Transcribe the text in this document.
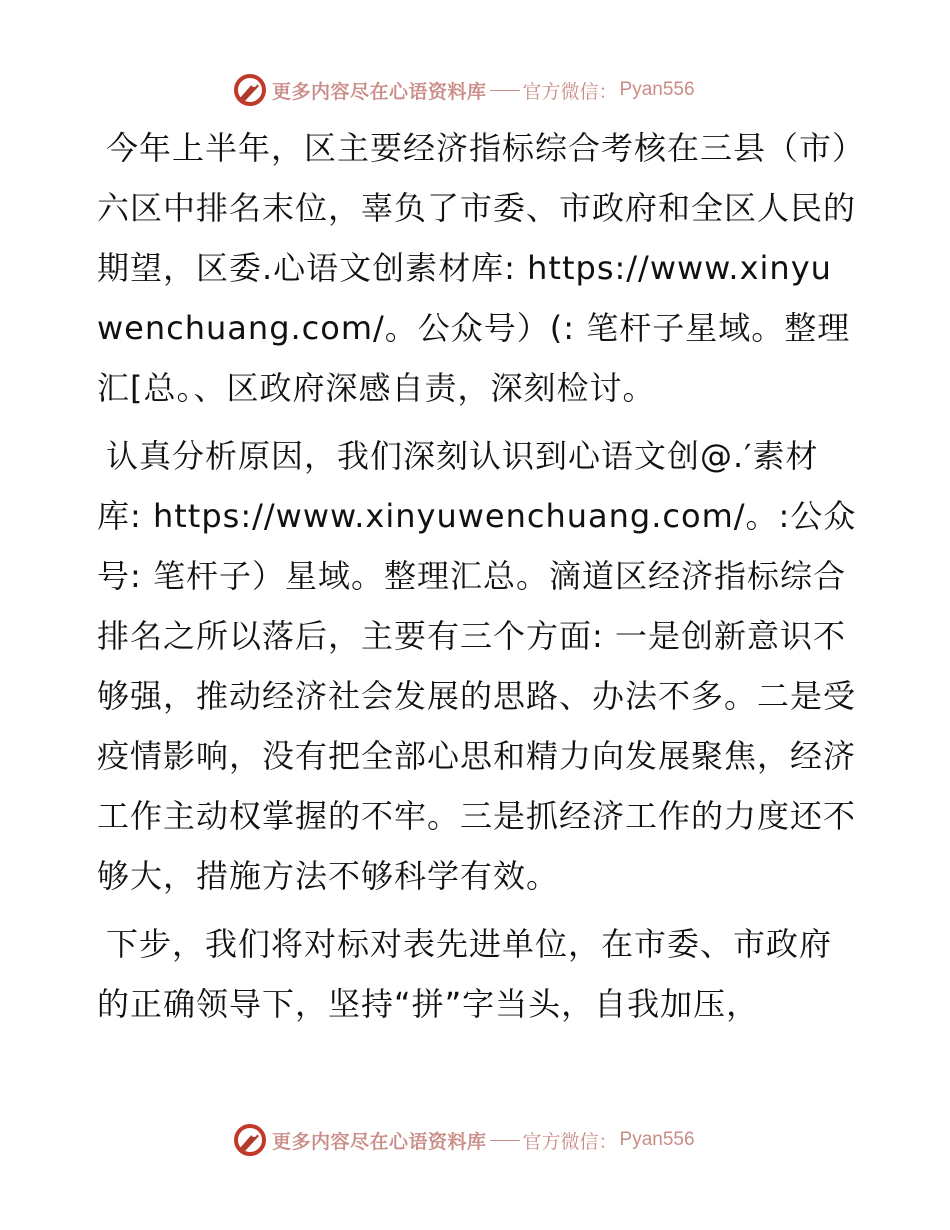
更多内容尽在心语资料库 官方微信： Pyan556

今年上半年，区主要经济指标综合考核在三县（市）六区中排名末位，辜负了市委、市政府和全区人民的期望，区委.心语文创素材库: https://www.xinyuwenchuang.com/。公众号）(: 笔杆子星域。整理汇[总。、区政府深感自责，深刻检讨。

认真分析原因，我们深刻认识到心语文创@.′素材库: https://www.xinyuwenchuang.com/。:公众号: 笔杆子）星域。整理汇总。滴道区经济指标综合排名之所以落后，主要有三个方面: 一是创新意识不够强，推动经济社会发展的思路、办法不多。二是受疫情影响，没有把全部心思和精力向发展聚焦，经济工作主动权掌握的不牢。三是抓经济工作的力度还不够大，措施方法不够科学有效。

下步，我们将对标对表先进单位，在市委、市政府的正确领导下，坚持“拼”字当头，自我加压，

更多内容尽在心语资料库 官方微信： Pyan556
